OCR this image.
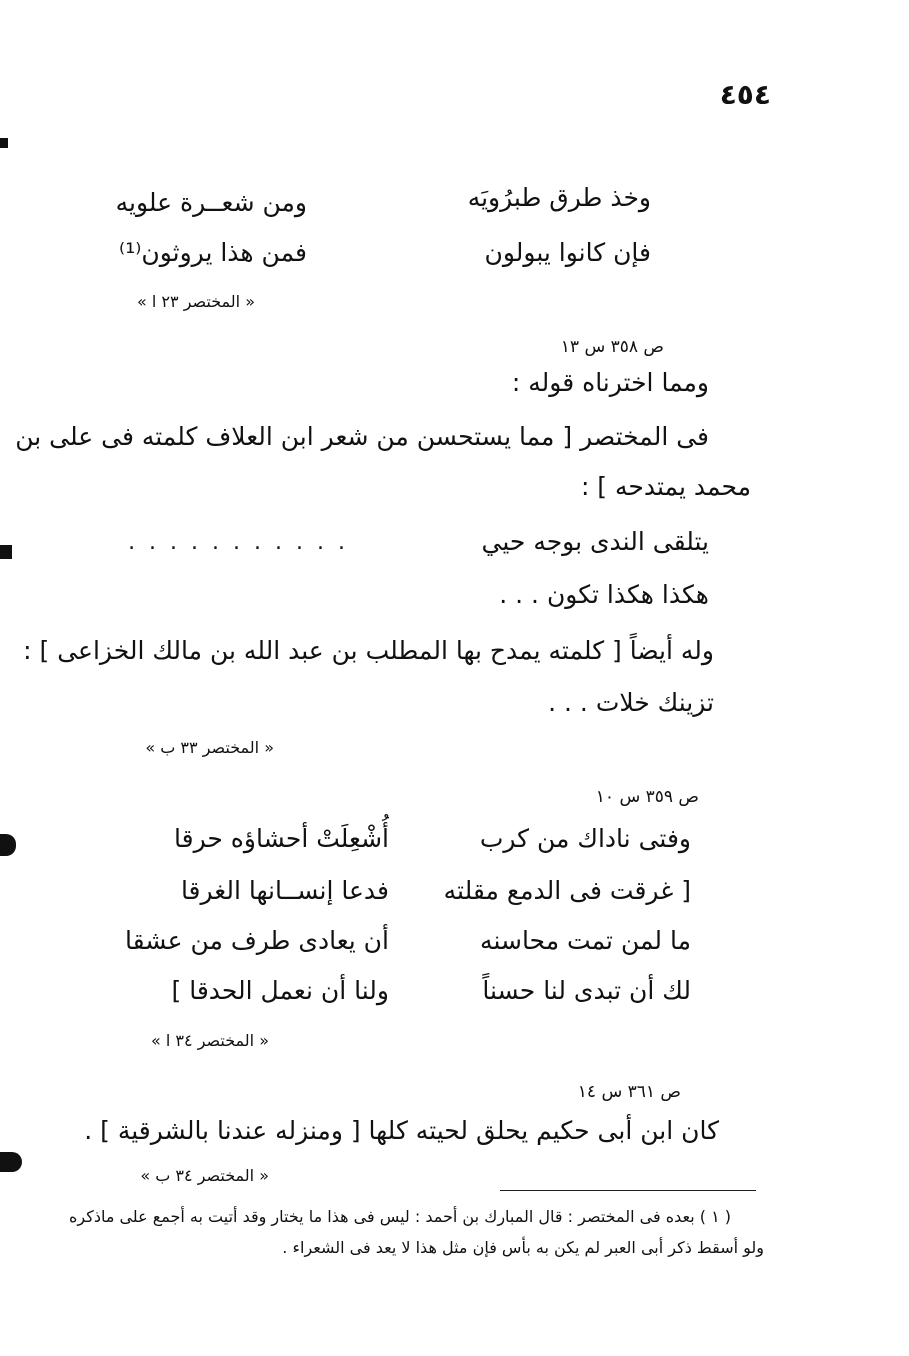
٤٥٤
وخذ طرق طبرُويَه
ومن شعــرة علويه
فإن كانوا يبولون
فمن هذا يروثون⁽¹⁾
« المختصر ٢٣ ا »
ص ٣٥٨ س ١٣
ومما اخترناه قوله :
فى المختصر [ مما يستحسن من شعر ابن العلاف كلمته فى على بن
محمد يمتدحه ] :
يتلقى الندى بوجه حيي
...........
هكذا هكذا تكون . . .
وله أيضاً [ كلمته يمدح بها المطلب بن عبد الله بن مالك الخزاعى ] :
تزينك خلات . . .
« المختصر ٣٣ ب »
ص ٣٥٩ س ١٠
وفتى ناداك من كرب
أُشْعِلَتْ أحشاؤه حرقا
[ غرقت فى الدمع مقلته
فدعا إنســانها الغرقا
ما لمن تمت محاسنه
أن يعادى طرف من عشقا
لك أن تبدى لنا حسناً
ولنا أن نعمل الحدقا ]
« المختصر ٣٤ ا »
ص ٣٦١ س ١٤
كان ابن أبى حكيم يحلق لحيته كلها [ ومنزله عندنا بالشرقية ] .
« المختصر ٣٤ ب »
( ١ ) بعده فى المختصر : قال المبارك بن أحمد : ليس فى هذا ما يختار وقد أتيت به أجمع على ماذكره
ولو أسقط ذكر أبى العبر لم يكن به بأس فإن مثل هذا لا يعد فى الشعراء .
